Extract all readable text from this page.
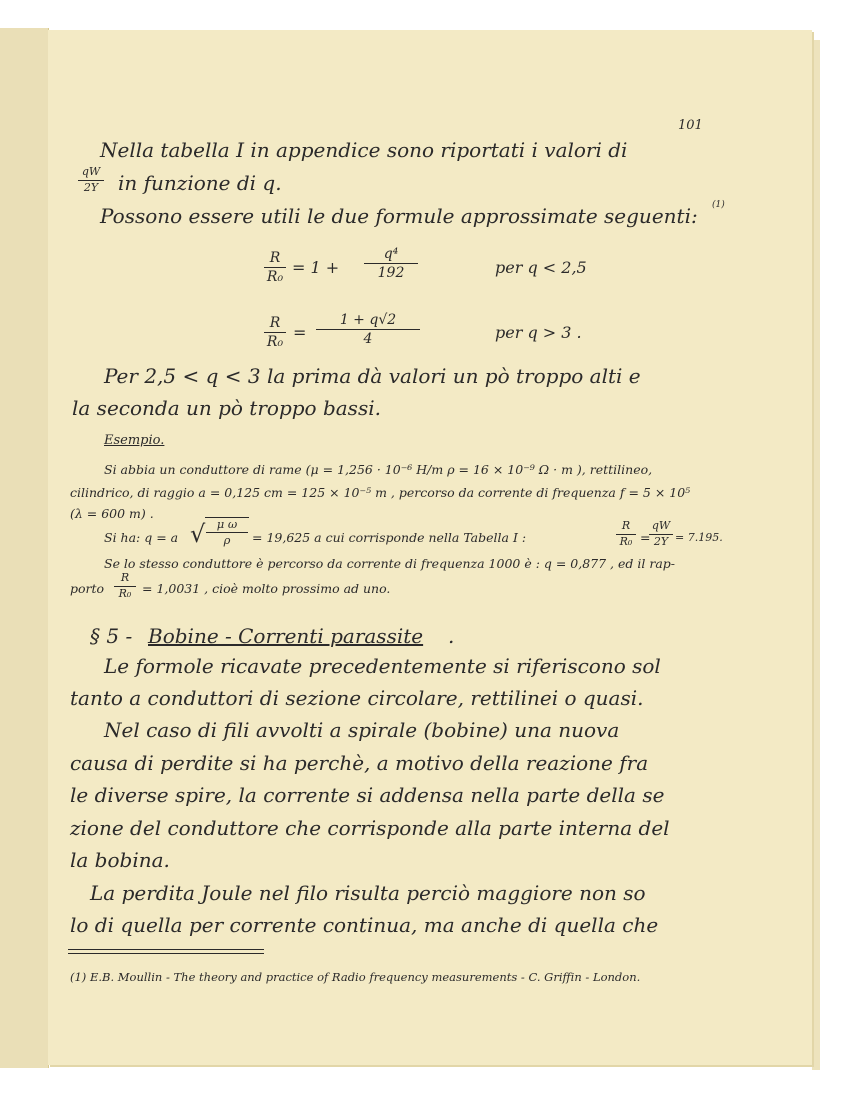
101
Nella tabella I in appendice sono riportati i valori di
qW
2Y in funzione di q.
Possono essere utili le due formule approssimate seguenti: (1)
R
R₀
= 1 +
q⁴
192	per q < 2,5
R
R₀
=
1 + q√2
4	per q > 3 .
Per 2,5 < q < 3 la prima dà valori un pò troppo alti e
la seconda un pò troppo bassi.
Esempio.
Si abbia un conduttore di rame (μ = 1,256 · 10⁻⁶ H/m ρ = 16 × 10⁻⁹ Ω · m ), rettilineo,
cilindrico, di raggio a = 0,125 cm = 125 × 10⁻⁵ m , percorso da corrente di frequenza f = 5 × 10⁵
(λ = 600 m) .
Si ha: q = a √ μ ω
ρ	= 19,625 a cui corrisponde nella Tabella I :
R
R₀ =
qW
2Y = 7.195.
Se lo stesso conduttore è percorso da corrente di frequenza 1000 è : q = 0,877 , ed il rap-
porto
R
R₀ = 1,0031 , cioè molto prossimo ad uno.
§ 5 - Bobine - Correnti parassite .
Le formole ricavate precedentemente si riferiscono sol
tanto a conduttori di sezione circolare, rettilinei o quasi.
Nel caso di fili avvolti a spirale (bobine) una nuova
causa di perdite si ha perchè, a motivo della reazione fra
le diverse spire, la corrente si addensa nella parte della se
zione del conduttore che corrisponde alla parte interna del
la bobina.
La perdita Joule nel filo risulta perciò maggiore non so
lo di quella per corrente continua, ma anche di quella che
(1) E.B. Moullin - The theory and practice of Radio frequency measurements - C. Griffin - London.
